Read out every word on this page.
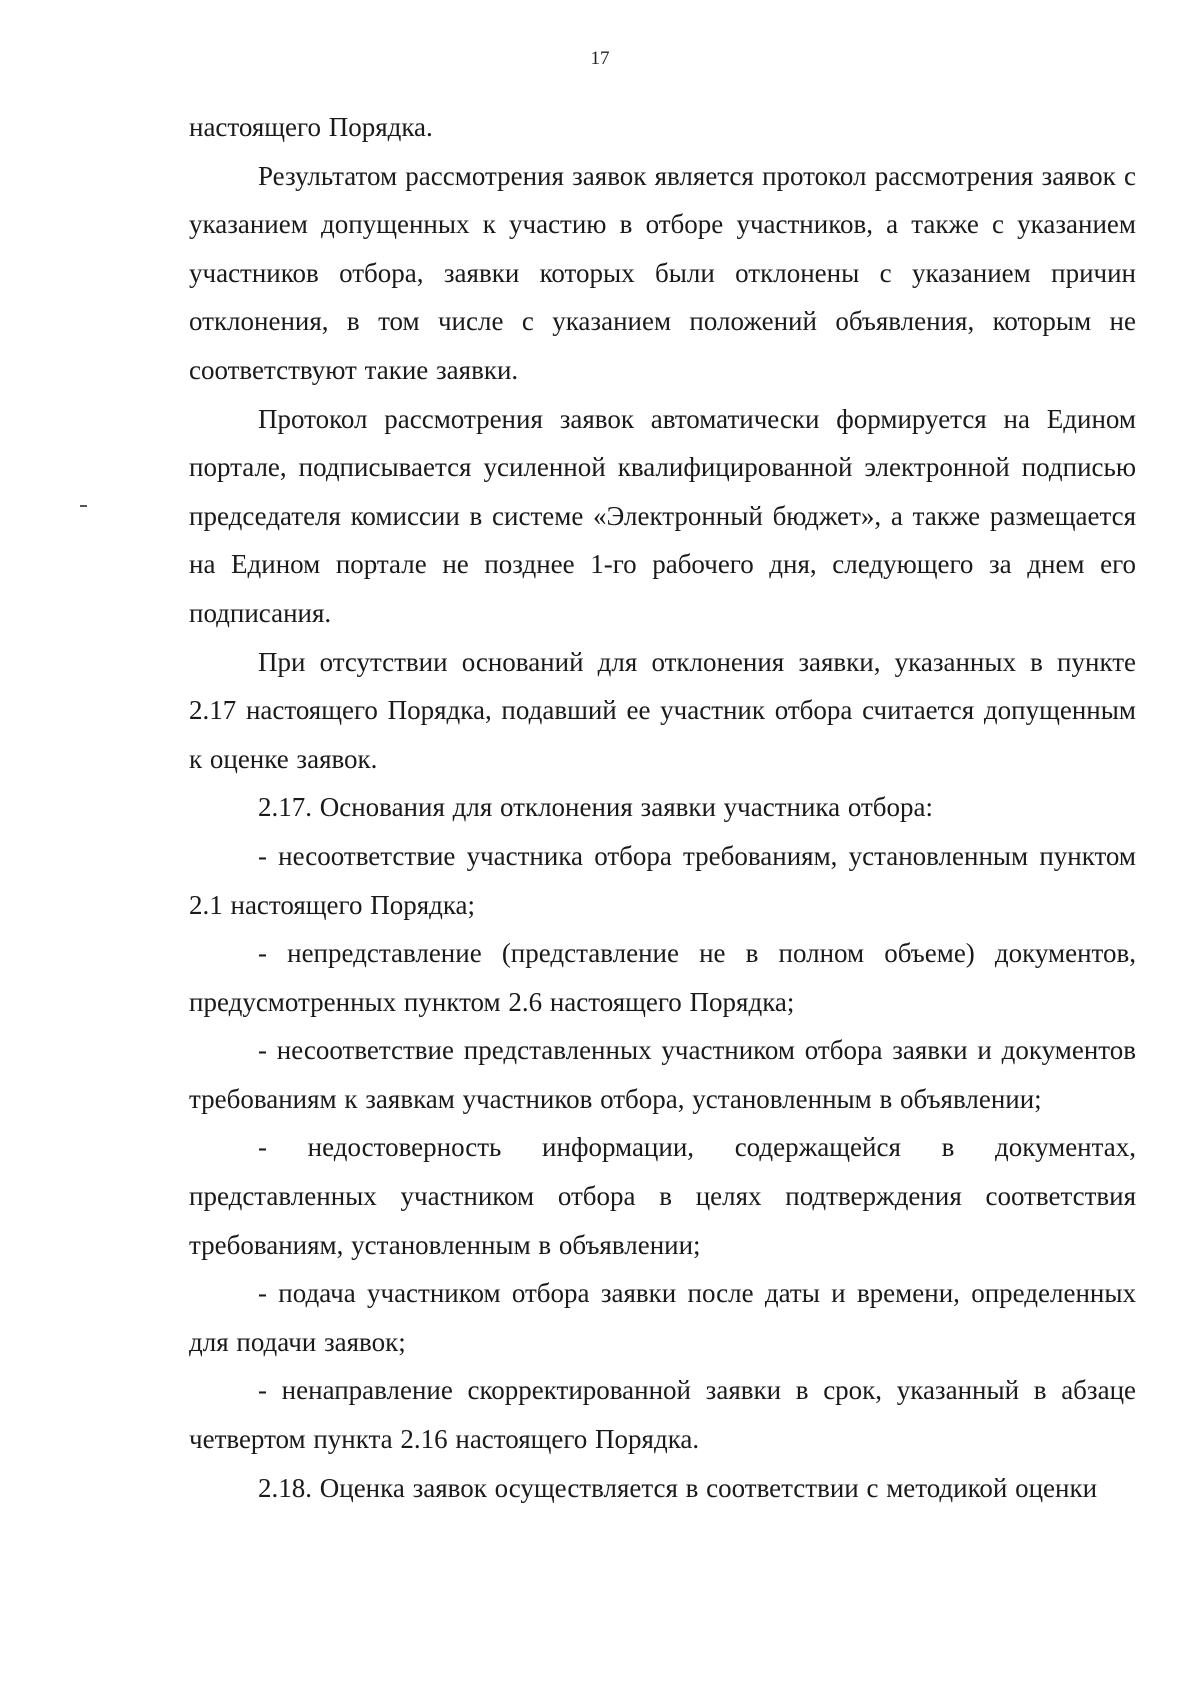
17

настоящего Порядка.

Результатом рассмотрения заявок является протокол рассмотрения заявок с указанием допущенных к участию в отборе участников, а также с указанием участников отбора, заявки которых были отклонены с указанием причин отклонения, в том числе с указанием положений объявления, которым не соответствуют такие заявки.

Протокол рассмотрения заявок автоматически формируется на Едином портале, подписывается усиленной квалифицированной электронной подписью председателя комиссии в системе «Электронный бюджет», а также размещается на Едином портале не позднее 1-го рабочего дня, следующего за днем его подписания.

При отсутствии оснований для отклонения заявки, указанных в пункте 2.17 настоящего Порядка, подавший ее участник отбора считается допущенным к оценке заявок.

2.17. Основания для отклонения заявки участника отбора:

- несоответствие участника отбора требованиям, установленным пунктом 2.1 настоящего Порядка;

- непредставление (представление не в полном объеме) документов, предусмотренных пунктом 2.6 настоящего Порядка;

- несоответствие представленных участником отбора заявки и документов требованиям к заявкам участников отбора, установленным в объявлении;

- недостоверность информации, содержащейся в документах, представленных участником отбора в целях подтверждения соответствия требованиям, установленным в объявлении;

- подача участником отбора заявки после даты и времени, определенных для подачи заявок;

- ненаправление скорректированной заявки в срок, указанный в абзаце четвертом пункта 2.16 настоящего Порядка.

2.18. Оценка заявок осуществляется в соответствии с методикой оценки
